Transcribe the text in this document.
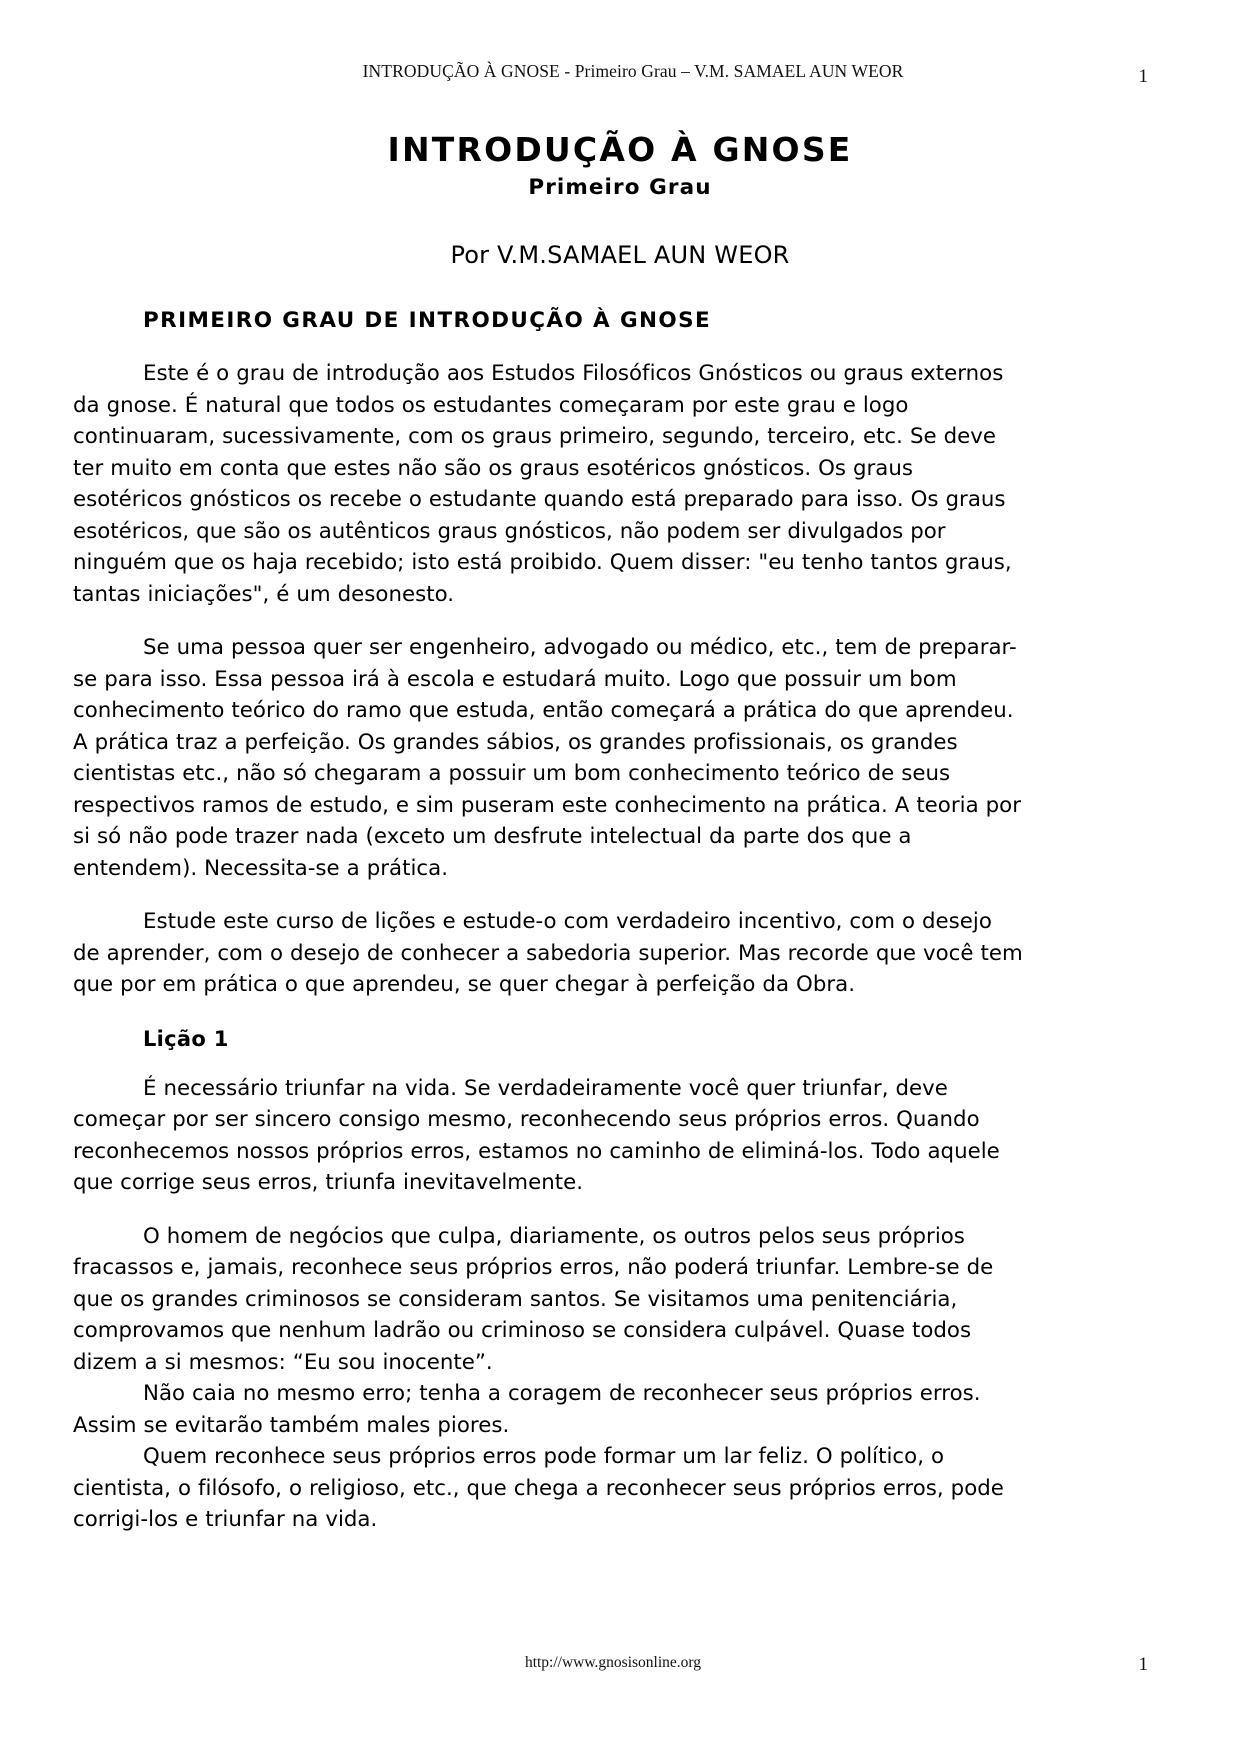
INTRODUÇÃO À GNOSE - Primeiro Grau – V.M. SAMAEL AUN WEOR	1
INTRODUÇÃO À GNOSE
Primeiro Grau
Por V.M.SAMAEL AUN WEOR
PRIMEIRO GRAU DE INTRODUÇÃO À GNOSE

Este é o grau de introdução aos Estudos Filosóficos Gnósticos ou graus externos da gnose. É natural que todos os estudantes começaram por este grau e logo continuaram, sucessivamente, com os graus primeiro, segundo, terceiro, etc. Se deve ter muito em conta que estes não são os graus esotéricos gnósticos. Os graus esotéricos gnósticos os recebe o estudante quando está preparado para isso. Os graus esotéricos, que são os autênticos graus gnósticos, não podem ser divulgados por ninguém que os haja recebido; isto está proibido. Quem disser: "eu tenho tantos graus, tantas iniciações", é um desonesto.

Se uma pessoa quer ser engenheiro, advogado ou médico, etc., tem de preparar-se para isso. Essa pessoa irá à escola e estudará muito. Logo que possuir um bom conhecimento teórico do ramo que estuda, então começará a prática do que aprendeu. A prática traz a perfeição. Os grandes sábios, os grandes profissionais, os grandes cientistas etc., não só chegaram a possuir um bom conhecimento teórico de seus respectivos ramos de estudo, e sim puseram este conhecimento na prática. A teoria por si só não pode trazer nada (exceto um desfrute intelectual da parte dos que a entendem). Necessita-se a prática.

Estude este curso de lições e estude-o com verdadeiro incentivo, com o desejo de aprender, com o desejo de conhecer a sabedoria superior. Mas recorde que você tem que por em prática o que aprendeu, se quer chegar à perfeição da Obra.

Lição 1

É necessário triunfar na vida. Se verdadeiramente você quer triunfar, deve começar por ser sincero consigo mesmo, reconhecendo seus próprios erros. Quando reconhecemos nossos próprios erros, estamos no caminho de eliminá-los. Todo aquele que corrige seus erros, triunfa inevitavelmente.

O homem de negócios que culpa, diariamente, os outros pelos seus próprios fracassos e, jamais, reconhece seus próprios erros, não poderá triunfar. Lembre-se de que os grandes criminosos se consideram santos. Se visitamos uma penitenciária, comprovamos que nenhum ladrão ou criminoso se considera culpável. Quase todos dizem a si mesmos: “Eu sou inocente”.

Não caia no mesmo erro; tenha a coragem de reconhecer seus próprios erros. Assim se evitarão também males piores.

Quem reconhece seus próprios erros pode formar um lar feliz. O político, o cientista, o filósofo, o religioso, etc., que chega a reconhecer seus próprios erros, pode corrigi-los e triunfar na vida.

http://www.gnosisonline.org	1
